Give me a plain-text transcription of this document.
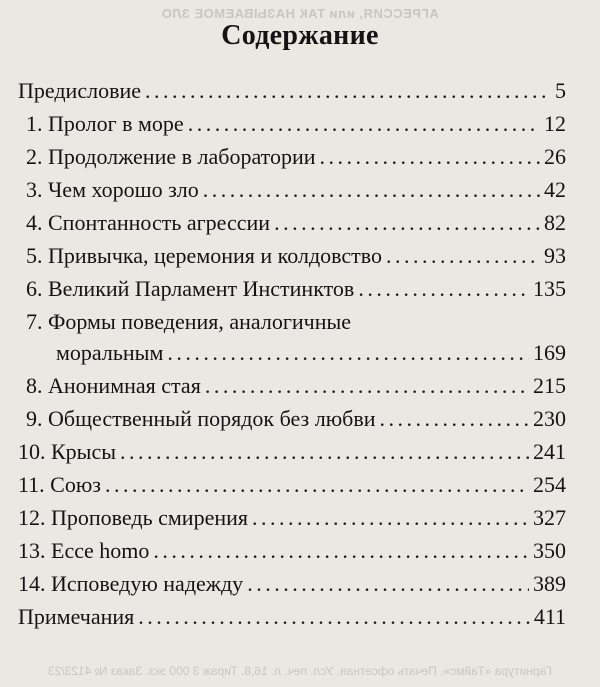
АГРЕССИЯ, или ТАК НАЗЫВАЕМОЕ ЗЛО
Содержание
Предисловие . . .	5
1. Пролог в море . . .	12
2. Продолжение в лаборатории . . .	26
3. Чем хорошо зло . . .	42
4. Спонтанность агрессии . . .	82
5. Привычка, церемония и колдовство . . .	93
6. Великий Парламент Инстинктов . . .	135
7. Формы поведения, аналогичные
моральным . . .	169
8. Анонимная стая . . .	215
9. Общественный порядок без любви . . .	230
10. Крысы . . .	241
11. Союз . . .	254
12. Проповедь смирения . . .	327
13. Ecce homo . . .	350
14. Исповедую надежду . . .	389
Примечания . . .	411
Гарнитура «Таймс». Печать офсетная. Усл. печ. л. 16,8. Тираж 3 000 экз. Заказ № 4123/23
